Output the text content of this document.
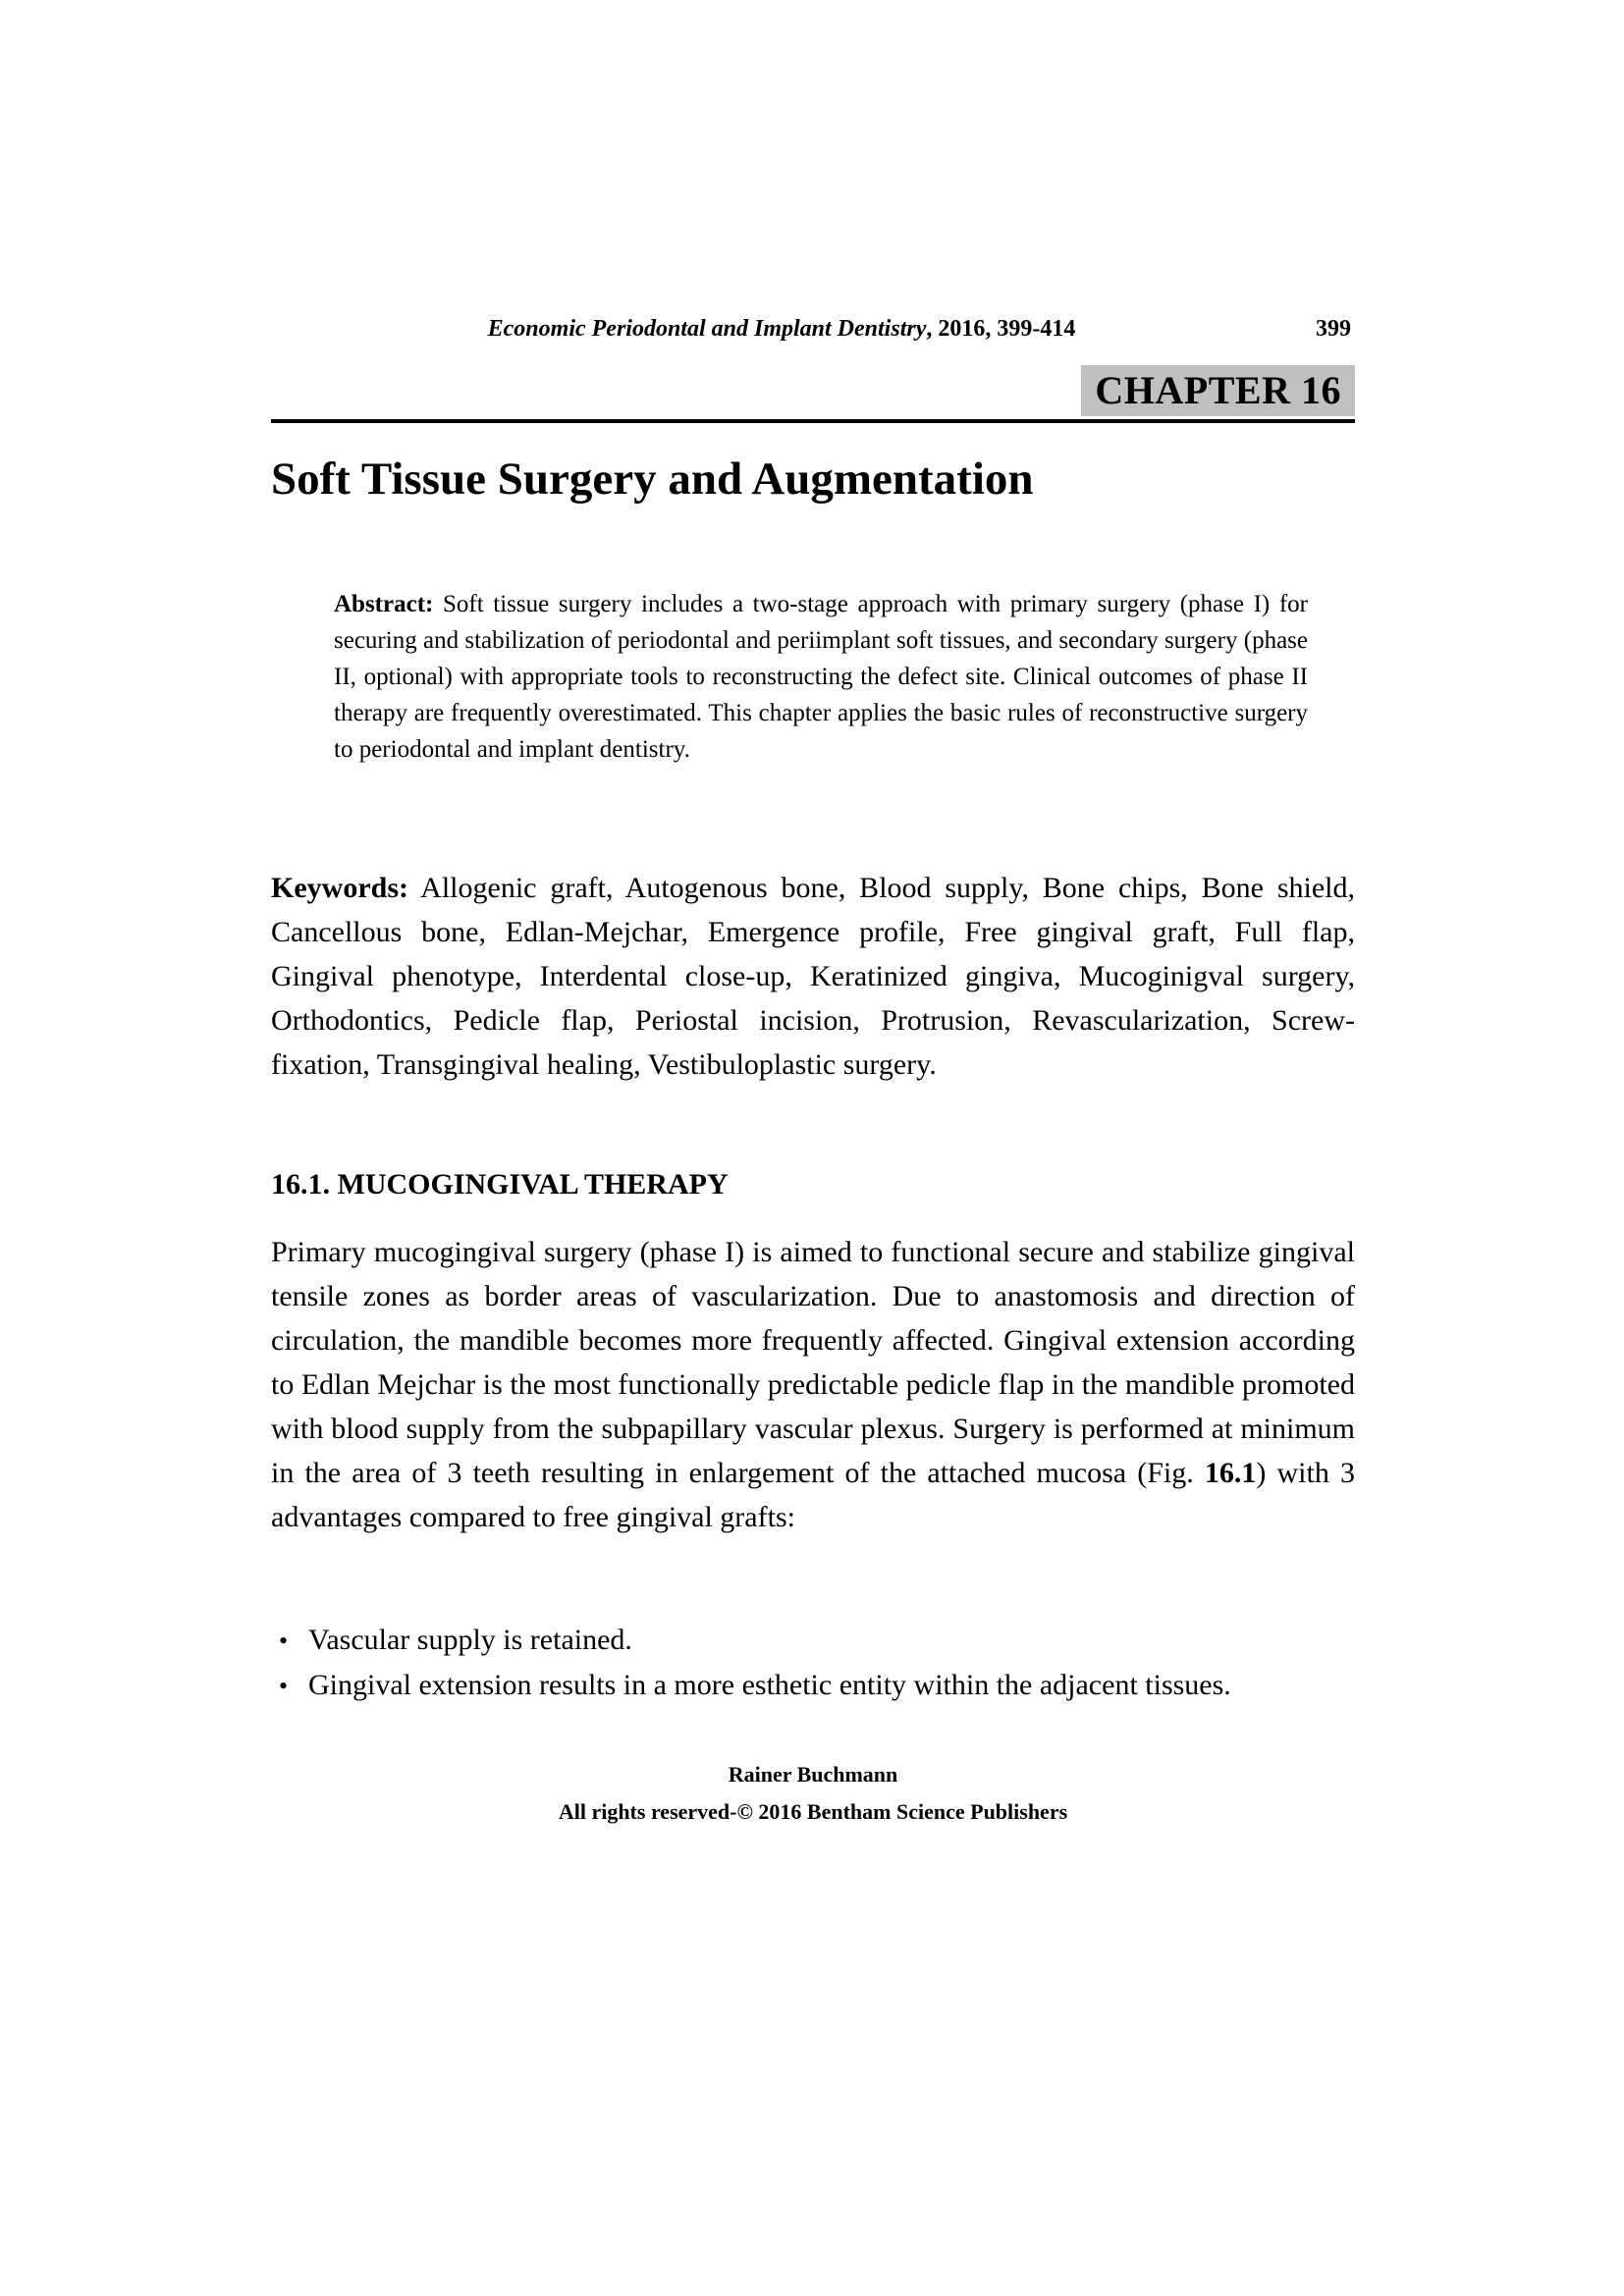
Economic Periodontal and Implant Dentistry, 2016, 399-414	399
CHAPTER 16
Soft Tissue Surgery and Augmentation
Abstract: Soft tissue surgery includes a two-stage approach with primary surgery (phase I) for securing and stabilization of periodontal and periimplant soft tissues, and secondary surgery (phase II, optional) with appropriate tools to reconstructing the defect site. Clinical outcomes of phase II therapy are frequently overestimated. This chapter applies the basic rules of reconstructive surgery to periodontal and implant dentistry.
Keywords: Allogenic graft, Autogenous bone, Blood supply, Bone chips, Bone shield, Cancellous bone, Edlan-Mejchar, Emergence profile, Free gingival graft, Full flap, Gingival phenotype, Interdental close-up, Keratinized gingiva, Mucoginigval surgery, Orthodontics, Pedicle flap, Periostal incision, Protrusion, Revascularization, Screw-fixation, Transgingival healing, Vestibuloplastic surgery.
16.1. MUCOGINGIVAL THERAPY
Primary mucogingival surgery (phase I) is aimed to functional secure and stabilize gingival tensile zones as border areas of vascularization. Due to anastomosis and direction of circulation, the mandible becomes more frequently affected. Gingival extension according to Edlan Mejchar is the most functionally predictable pedicle flap in the mandible promoted with blood supply from the subpapillary vascular plexus. Surgery is performed at minimum in the area of 3 teeth resulting in enlargement of the attached mucosa (Fig. 16.1) with 3 advantages compared to free gingival grafts:
• Vascular supply is retained.
• Gingival extension results in a more esthetic entity within the adjacent tissues.
Rainer Buchmann
All rights reserved-© 2016 Bentham Science Publishers
